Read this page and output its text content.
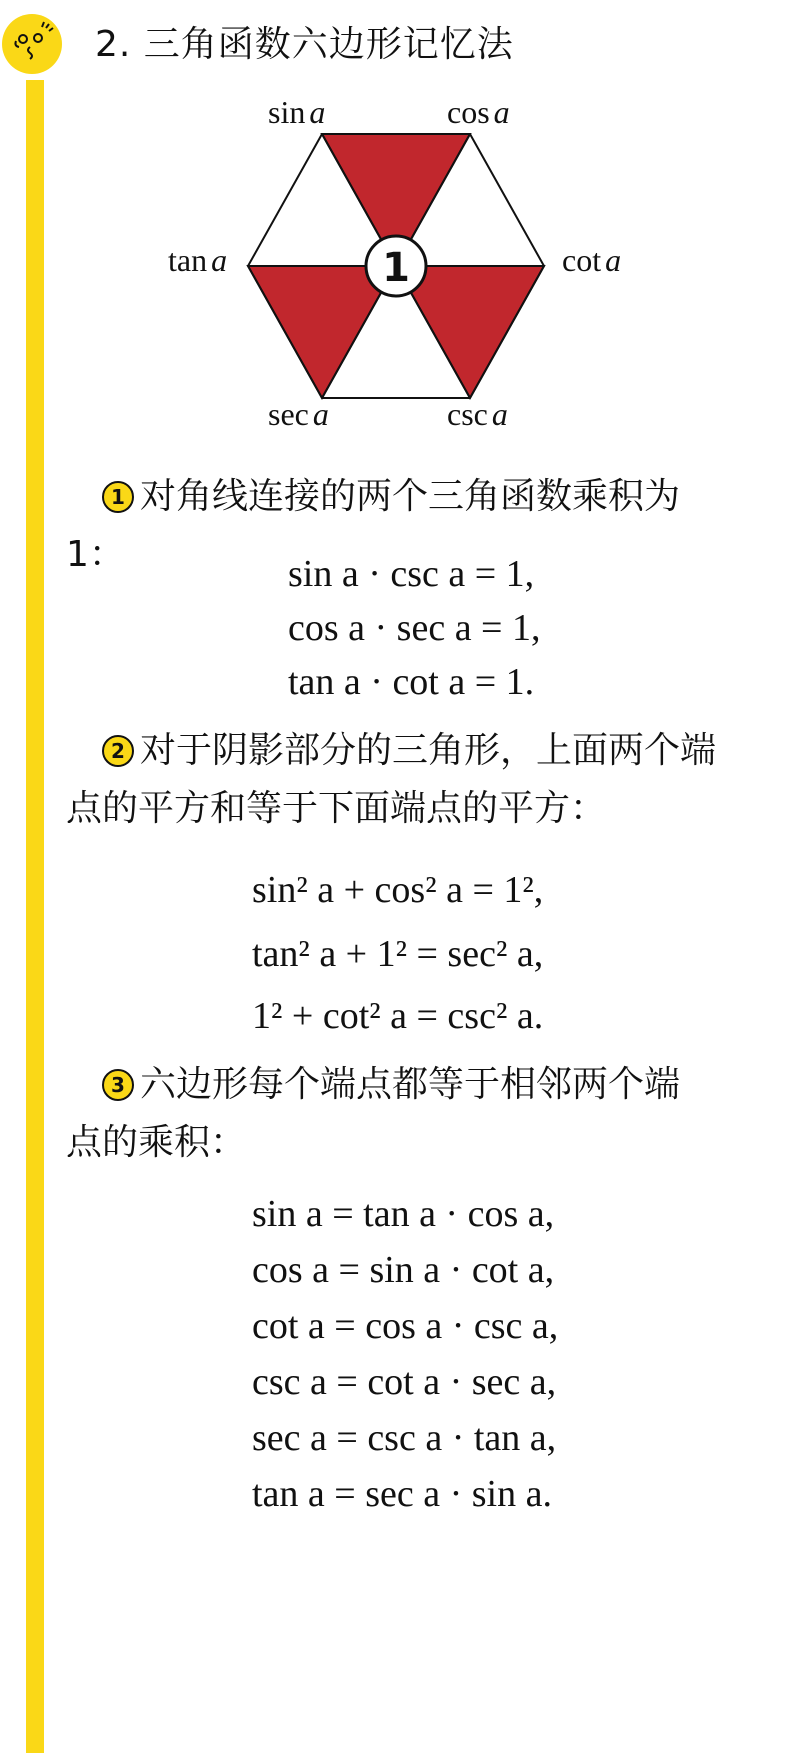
2. 三角函数六边形记忆法
1
sin a	cos a
tan a	cot a
sec a	csc a
1 对角线连接的两个三角函数乘积为
1：	sin a · csc a = 1,
cos a · sec a = 1,
tan a · cot a = 1.
2 对于阴影部分的三角形，上面两个端
点的平方和等于下面端点的平方：
sin² a + cos² a = 1²,
tan² a + 1² = sec² a,
1² + cot² a = csc² a.
3 六边形每个端点都等于相邻两个端
点的乘积：
sin a = tan a · cos a,
cos a = sin a · cot a,
cot a = cos a · csc a,
csc a = cot a · sec a,
sec a = csc a · tan a,
tan a = sec a · sin a.
